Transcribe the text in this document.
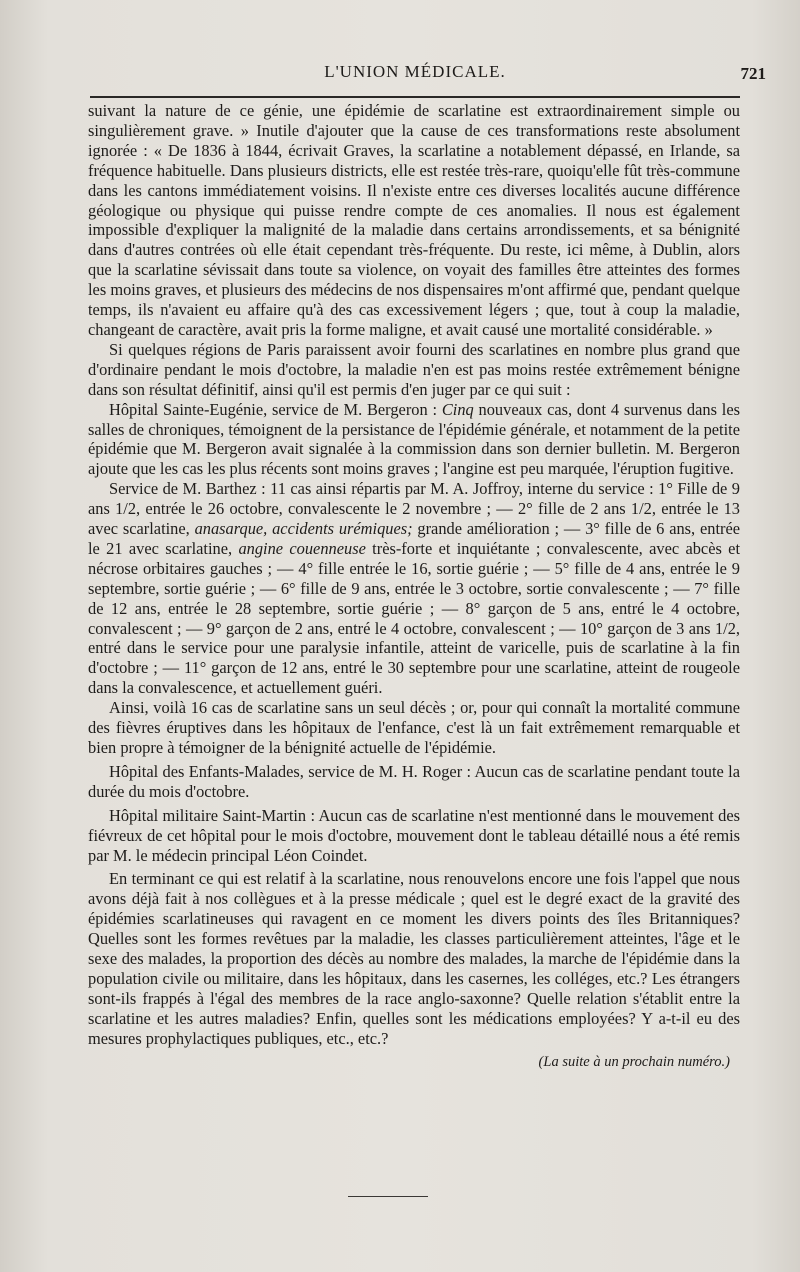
L'UNION MÉDICALE.	721

suivant la nature de ce génie, une épidémie de scarlatine est extraordinairement simple ou singulièrement grave. » Inutile d'ajouter que la cause de ces transformations reste absolument ignorée : « De 1836 à 1844, écrivait Graves, la scarlatine a notablement dépassé, en Irlande, sa fréquence habituelle. Dans plusieurs districts, elle est restée très-rare, quoiqu'elle fût très-commune dans les cantons immédiatement voisins. Il n'existe entre ces diverses localités aucune différence géologique ou physique qui puisse rendre compte de ces anomalies. Il nous est également impossible d'expliquer la malignité de la maladie dans certains arrondissements, et sa bénignité dans d'autres contrées où elle était cependant très-fréquente. Du reste, ici même, à Dublin, alors que la scarlatine sévissait dans toute sa violence, on voyait des familles être atteintes des formes les moins graves, et plusieurs des médecins de nos dispensaires m'ont affirmé que, pendant quelque temps, ils n'avaient eu affaire qu'à des cas excessivement légers ; que, tout à coup la maladie, changeant de caractère, avait pris la forme maligne, et avait causé une mortalité considérable. »

Si quelques régions de Paris paraissent avoir fourni des scarlatines en nombre plus grand que d'ordinaire pendant le mois d'octobre, la maladie n'en est pas moins restée extrêmement bénigne dans son résultat définitif, ainsi qu'il est permis d'en juger par ce qui suit :

Hôpital Sainte-Eugénie, service de M. Bergeron : Cinq nouveaux cas, dont 4 survenus dans les salles de chroniques, témoignent de la persistance de l'épidémie générale, et notamment de la petite épidémie que M. Bergeron avait signalée à la commission dans son dernier bulletin. M. Bergeron ajoute que les cas les plus récents sont moins graves ; l'angine est peu marquée, l'éruption fugitive.

Service de M. Barthez : 11 cas ainsi répartis par M. A. Joffroy, interne du service : 1° Fille de 9 ans 1/2, entrée le 26 octobre, convalescente le 2 novembre ; — 2° fille de 2 ans 1/2, entrée le 13 avec scarlatine, anasarque, accidents urémiques; grande amélioration ; — 3° fille de 6 ans, entrée le 21 avec scarlatine, angine couenneuse très-forte et inquiétante ; convalescente, avec abcès et nécrose orbitaires gauches ; — 4° fille entrée le 16, sortie guérie ; — 5° fille de 4 ans, entrée le 9 septembre, sortie guérie ; — 6° fille de 9 ans, entrée le 3 octobre, sortie convalescente ; — 7° fille de 12 ans, entrée le 28 septembre, sortie guérie ; — 8° garçon de 5 ans, entré le 4 octobre, convalescent ; — 9° garçon de 2 ans, entré le 4 octobre, convalescent ; — 10° garçon de 3 ans 1/2, entré dans le service pour une paralysie infantile, atteint de varicelle, puis de scarlatine à la fin d'octobre ; — 11° garçon de 12 ans, entré le 30 septembre pour une scarlatine, atteint de rougeole dans la convalescence, et actuellement guéri.

Ainsi, voilà 16 cas de scarlatine sans un seul décès ; or, pour qui connaît la mortalité commune des fièvres éruptives dans les hôpitaux de l'enfance, c'est là un fait extrêmement remarquable et bien propre à témoigner de la bénignité actuelle de l'épidémie.

Hôpital des Enfants-Malades, service de M. H. Roger : Aucun cas de scarlatine pendant toute la durée du mois d'octobre.

Hôpital militaire Saint-Martin : Aucun cas de scarlatine n'est mentionné dans le mouvement des fiévreux de cet hôpital pour le mois d'octobre, mouvement dont le tableau détaillé nous a été remis par M. le médecin principal Léon Coindet.

En terminant ce qui est relatif à la scarlatine, nous renouvelons encore une fois l'appel que nous avons déjà fait à nos collègues et à la presse médicale ; quel est le degré exact de la gravité des épidémies scarlatineuses qui ravagent en ce moment les divers points des îles Britanniques? Quelles sont les formes revêtues par la maladie, les classes particulièrement atteintes, l'âge et le sexe des malades, la proportion des décès au nombre des malades, la marche de l'épidémie dans la population civile ou militaire, dans les hôpitaux, dans les casernes, les colléges, etc.? Les étrangers sont-ils frappés à l'égal des membres de la race anglo-saxonne? Quelle relation s'établit entre la scarlatine et les autres maladies? Enfin, quelles sont les médications employées? Y a-t-il eu des mesures prophylactiques publiques, etc., etc.?

(La suite à un prochain numéro.)
